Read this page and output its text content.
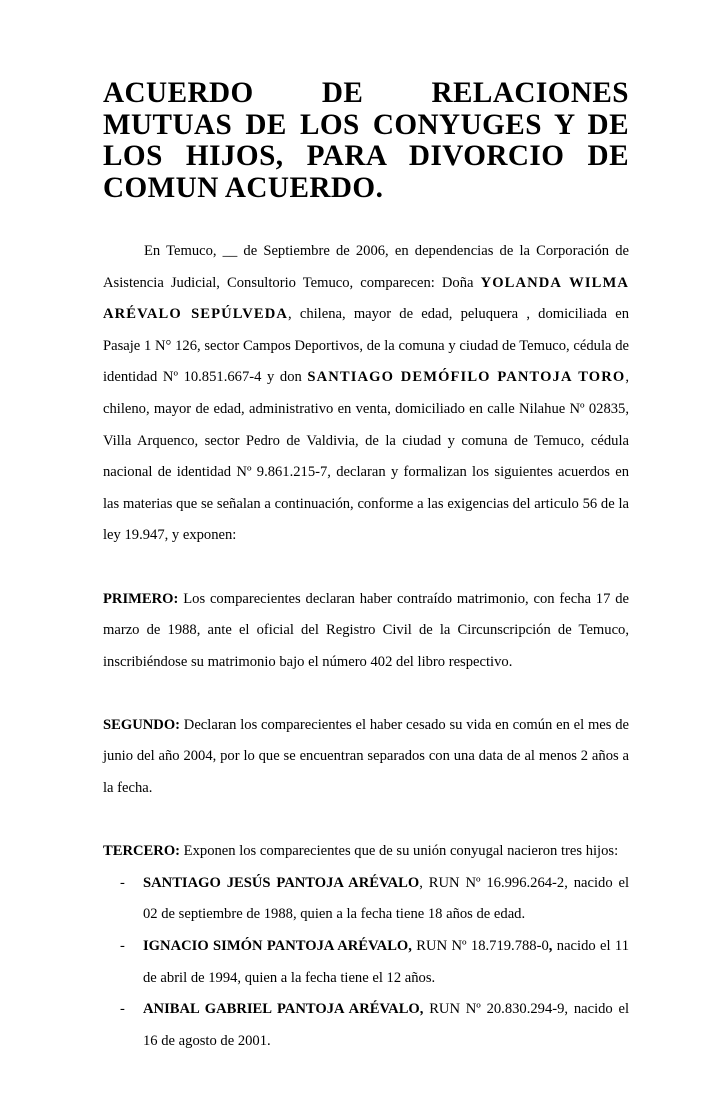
ACUERDO DE RELACIONES MUTUAS DE LOS CONYUGES Y DE
LOS HIJOS, PARA DIVORCIO DE COMUN ACUERDO.

En Temuco, __ de Septiembre de 2006, en dependencias de la Corporación de Asistencia Judicial, Consultorio Temuco, comparecen: Doña YOLANDA WILMA ARÉVALO SEPÚLVEDA, chilena, mayor de edad, peluquera , domiciliada en Pasaje 1 N° 126, sector Campos Deportivos, de la comuna y ciudad de Temuco, cédula de identidad Nº 10.851.667-4 y don SANTIAGO DEMÓFILO PANTOJA TORO, chileno, mayor de edad, administrativo en venta, domiciliado en calle Nilahue Nº 02835, Villa Arquenco, sector Pedro de Valdivia, de la ciudad y comuna de Temuco, cédula nacional de identidad Nº 9.861.215-7, declaran y formalizan los siguientes acuerdos en las materias que se señalan a continuación, conforme a las exigencias del articulo 56 de la ley 19.947, y exponen:

PRIMERO: Los comparecientes declaran haber contraído matrimonio, con fecha 17 de marzo de 1988, ante el oficial del Registro Civil de la Circunscripción de Temuco, inscribiéndose su matrimonio bajo el número 402 del libro respectivo.

SEGUNDO: Declaran los comparecientes el haber cesado su vida en común en el mes de junio del año 2004, por lo que se encuentran separados con una data de al menos 2 años a la fecha.

TERCERO: Exponen los comparecientes que de su unión conyugal nacieron tres hijos:

- SANTIAGO JESÚS PANTOJA ARÉVALO, RUN Nº 16.996.264-2, nacido el 02 de septiembre de 1988, quien a la fecha tiene 18 años de edad.
- IGNACIO SIMÓN PANTOJA ARÉVALO, RUN Nº 18.719.788-0, nacido el 11 de abril de 1994, quien a la fecha tiene el 12 años.
- ANIBAL GABRIEL PANTOJA ARÉVALO, RUN Nº 20.830.294-9, nacido el 16 de agosto de 2001.
